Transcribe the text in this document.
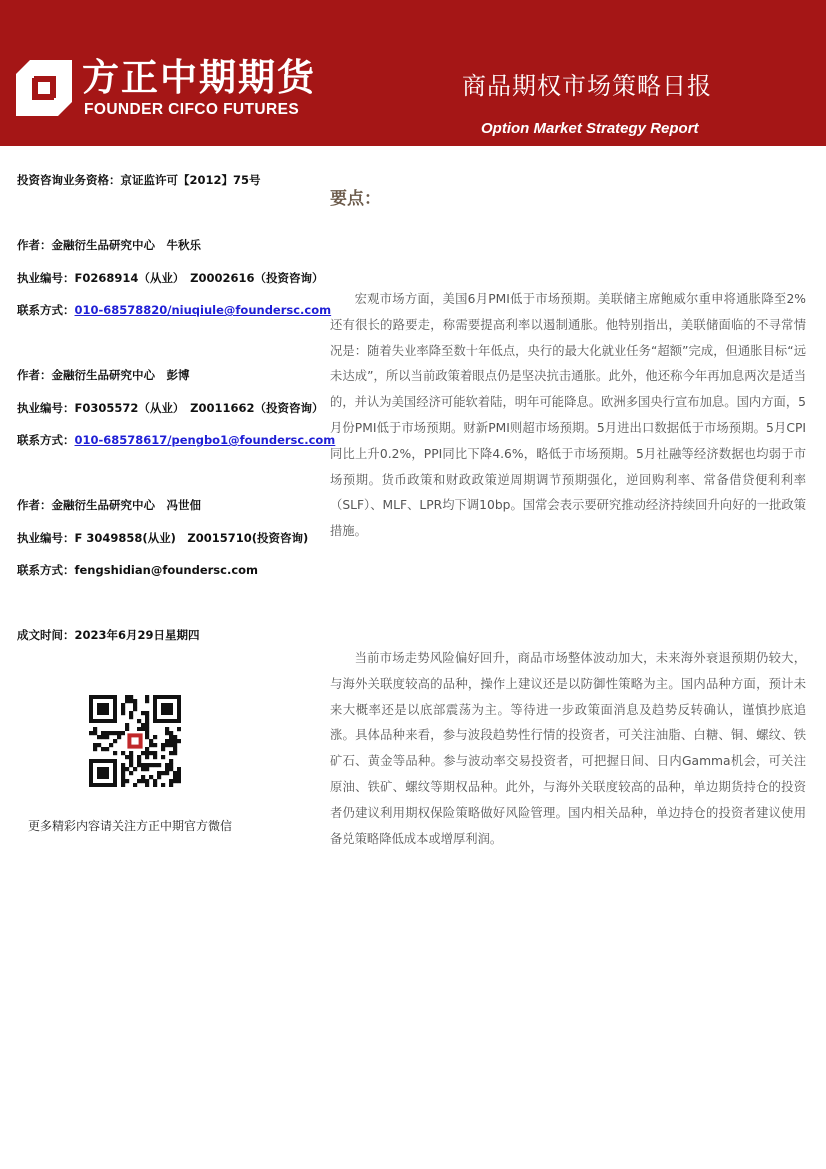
方正中期期货
FOUNDER CIFCO FUTURES
商品期权市场策略日报
Option Market Strategy Report
投资咨询业务资格：京证监许可【2012】75号
作者：金融衍生品研究中心　牛秋乐
执业编号：F0268914（从业）　Z0002616（投资咨询）
联系方式：010-68578820/niuqiule@foundersc.com
作者：金融衍生品研究中心　彭博
执业编号：F0305572（从业）　Z0011662（投资咨询）
联系方式：010-68578617/pengbo1@foundersc.com
作者：金融衍生品研究中心　冯世佃
执业编号：F 3049858(从业)　Z0015710(投资咨询)
联系方式：fengshidian@foundersc.com
成文时间：2023年6月29日星期四
更多精彩内容请关注方正中期官方微信
要点：

宏观市场方面，美国6月PMI低于市场预期。美联储主席鲍威尔重申将通胀降至2%还有很长的路要走，称需要提高利率以遏制通胀。他特别指出，美联储面临的不寻常情况是：随着失业率降至数十年低点，央行的最大化就业任务“超额”完成，但通胀目标“远未达成”，所以当前政策着眼点仍是坚决抗击通胀。此外，他还称今年再加息两次是适当的，并认为美国经济可能软着陆，明年可能降息。欧洲多国央行宣布加息。国内方面，5月份PMI低于市场预期。财新PMI则超市场预期。5月进出口数据低于市场预期。5月CPI同比上升0.2%，PPI同比下降4.6%，略低于市场预期。5月社融等经济数据也均弱于市场预期。货币政策和财政政策逆周期调节预期强化，逆回购利率、常备借贷便利利率（SLF）、MLF、LPR均下调10bp。国常会表示要研究推动经济持续回升向好的一批政策措施。

当前市场走势风险偏好回升，商品市场整体波动加大，未来海外衰退预期仍较大，与海外关联度较高的品种，操作上建议还是以防御性策略为主。国内品种方面，预计未来大概率还是以底部震荡为主。等待进一步政策面消息及趋势反转确认，谨慎抄底追涨。具体品种来看，参与波段趋势性行情的投资者，可关注油脂、白糖、铜、螺纹、铁矿石、黄金等品种。参与波动率交易投资者，可把握日间、日内Gamma机会，可关注原油、铁矿、螺纹等期权品种。此外，与海外关联度较高的品种，单边期货持仓的投资者仍建议利用期权保险策略做好风险管理。国内相关品种，单边持仓的投资者建议使用备兑策略降低成本或增厚利润。
